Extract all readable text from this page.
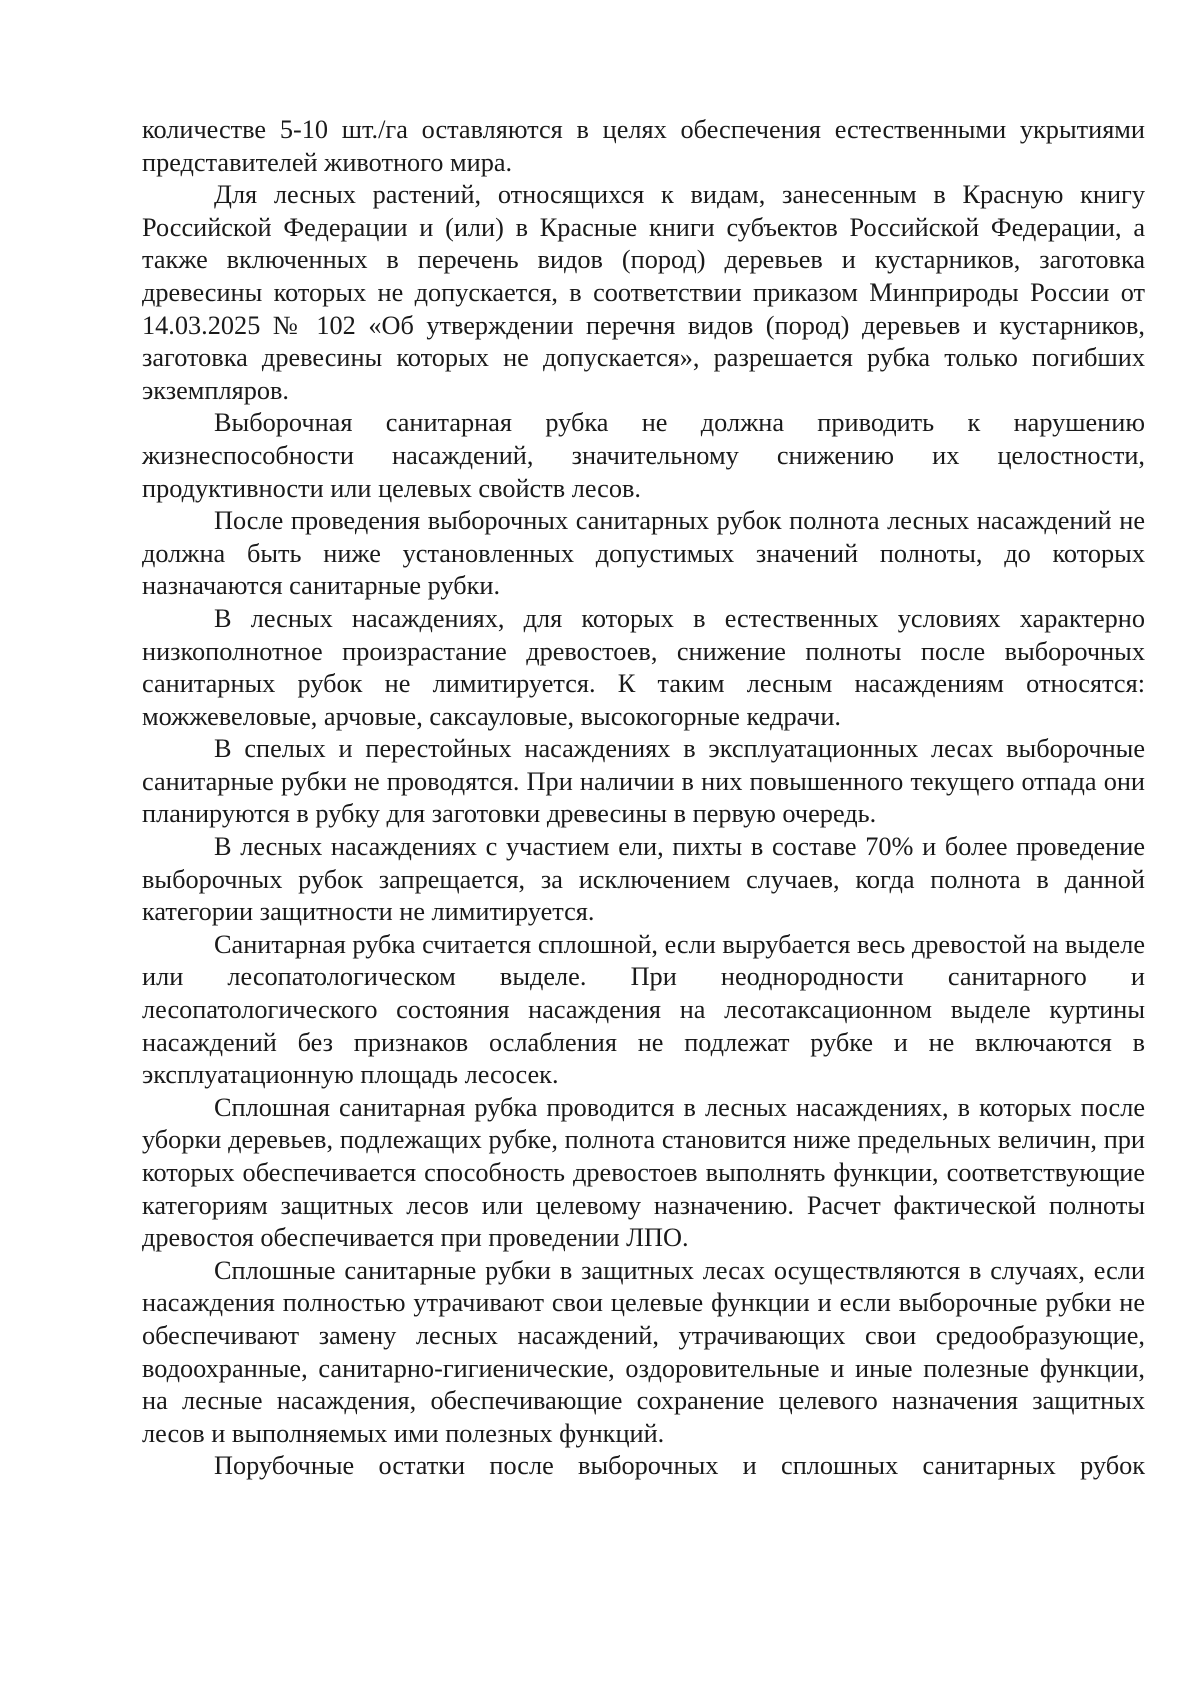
количестве 5-10 шт./га оставляются в целях обеспечения естественными укрытиями представителей животного мира.

Для лесных растений, относящихся к видам, занесенным в Красную книгу Российской Федерации и (или) в Красные книги субъектов Российской Федерации, а также включенных в перечень видов (пород) деревьев и кустарников, заготовка древесины которых не допускается, в соответствии приказом Минприроды России от 14.03.2025 № 102 «Об утверждении перечня видов (пород) деревьев и кустарников, заготовка древесины которых не допускается», разрешается рубка только погибших экземпляров.

Выборочная санитарная рубка не должна приводить к нарушению жизнеспособности насаждений, значительному снижению их целостности, продуктивности или целевых свойств лесов.

После проведения выборочных санитарных рубок полнота лесных насаждений не должна быть ниже установленных допустимых значений полноты, до которых назначаются санитарные рубки.

В лесных насаждениях, для которых в естественных условиях характерно низкополнотное произрастание древостоев, снижение полноты после выборочных санитарных рубок не лимитируется. К таким лесным насаждениям относятся: можжевеловые, арчовые, саксауловые, высокогорные кедрачи.

В спелых и перестойных насаждениях в эксплуатационных лесах выборочные санитарные рубки не проводятся. При наличии в них повышенного текущего отпада они планируются в рубку для заготовки древесины в первую очередь.

В лесных насаждениях с участием ели, пихты в составе 70% и более проведение выборочных рубок запрещается, за исключением случаев, когда полнота в данной категории защитности не лимитируется.

Санитарная рубка считается сплошной, если вырубается весь древостой на выделе или лесопатологическом выделе. При неоднородности санитарного и лесопатологического состояния насаждения на лесотаксационном выделе куртины насаждений без признаков ослабления не подлежат рубке и не включаются в эксплуатационную площадь лесосек.

Сплошная санитарная рубка проводится в лесных насаждениях, в которых после уборки деревьев, подлежащих рубке, полнота становится ниже предельных величин, при которых обеспечивается способность древостоев выполнять функции, соответствующие категориям защитных лесов или целевому назначению. Расчет фактической полноты древостоя обеспечивается при проведении ЛПО.

Сплошные санитарные рубки в защитных лесах осуществляются в случаях, если насаждения полностью утрачивают свои целевые функции и если выборочные рубки не обеспечивают замену лесных насаждений, утрачивающих свои средообразующие, водоохранные, санитарно-гигиенические, оздоровительные и иные полезные функции, на лесные насаждения, обеспечивающие сохранение целевого назначения защитных лесов и выполняемых ими полезных функций.

Порубочные остатки после выборочных и сплошных санитарных рубок
